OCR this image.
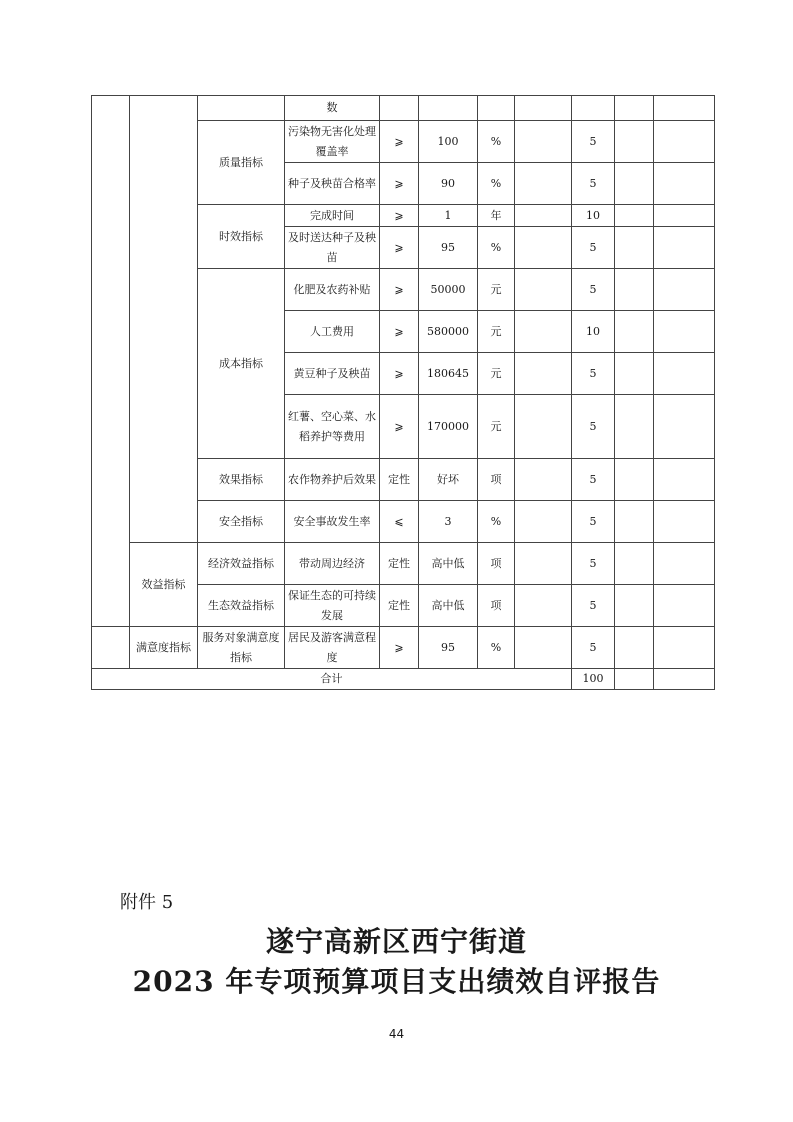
			数							
		质量指标	污染物无害化处理覆盖率	⩾	100	%		5		
			种子及秧苗合格率	⩾	90	%		5		
		时效指标	完成时间	⩾	1	年		10		
			及时送达种子及秧苗	⩾	95	%		5		
		成本指标	化肥及农药补贴	⩾	50000	元		5		
			人工费用	⩾	580000	元		10		
			黄豆种子及秧苗	⩾	180645	元		5		
			红薯、空心菜、水稻养护等费用	⩾	170000	元		5		
		效果指标	农作物养护后效果	定性	好坏	项		5		
		安全指标	安全事故发生率	⩽	3	%		5		
	效益指标	经济效益指标	带动周边经济	定性	高中低	项		5		
		生态效益指标	保证生态的可持续发展	定性	高中低	项		5		
	满意度指标	服务对象满意度指标	居民及游客满意程度	⩾	95	%		5		
合计								100		
附件 5
遂宁高新区西宁街道
2023 年专项预算项目支出绩效自评报告
44
